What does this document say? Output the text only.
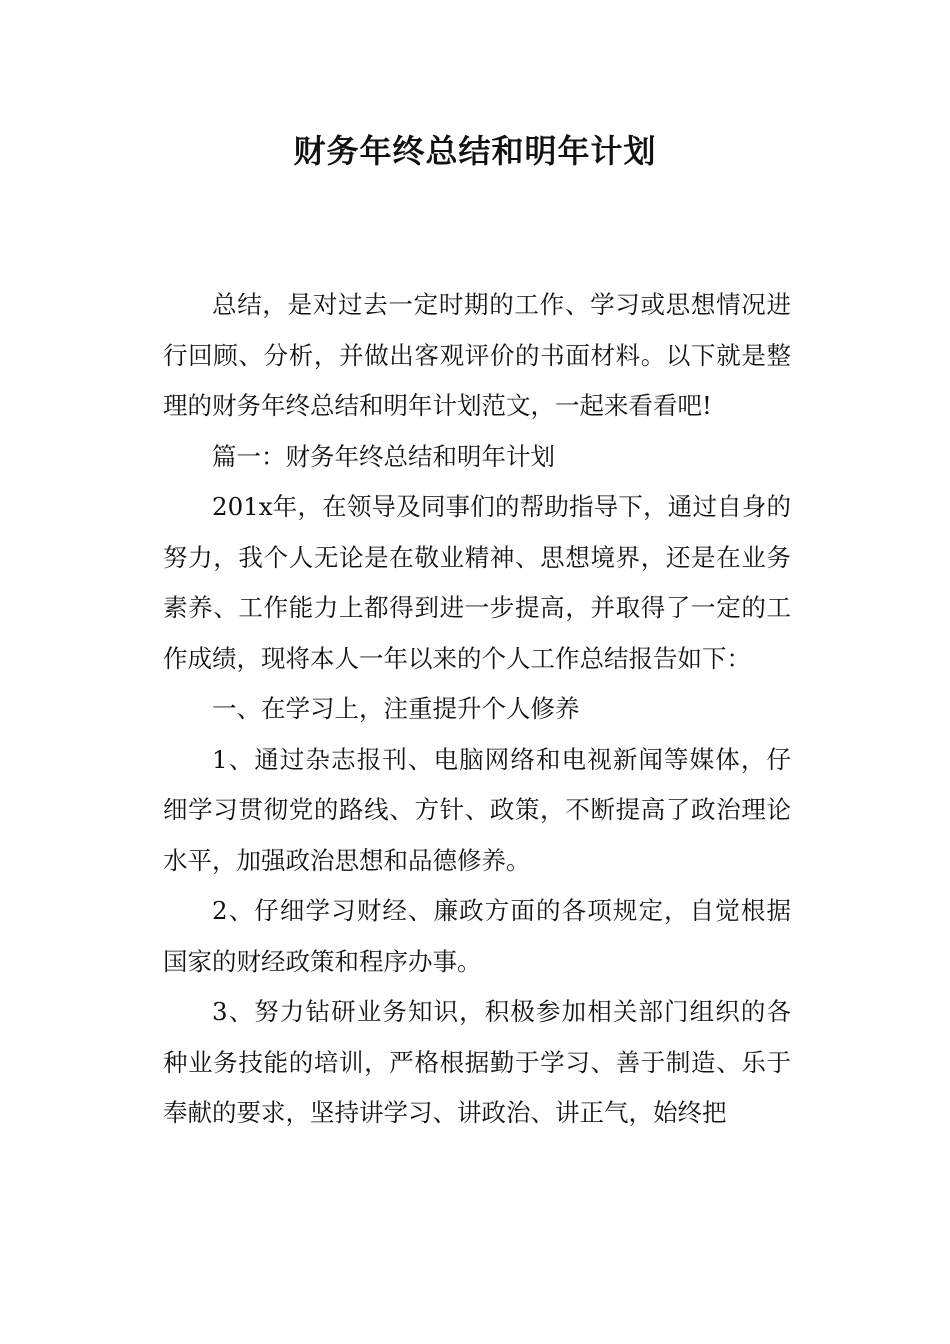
财务年终总结和明年计划

总结，是对过去一定时期的工作、学习或思想情况进行回顾、分析，并做出客观评价的书面材料。以下就是整理的财务年终总结和明年计划范文，一起来看看吧!

篇一：财务年终总结和明年计划

201x年，在领导及同事们的帮助指导下，通过自身的努力，我个人无论是在敬业精神、思想境界，还是在业务素养、工作能力上都得到进一步提高，并取得了一定的工作成绩，现将本人一年以来的个人工作总结报告如下：

一、在学习上，注重提升个人修养

1、通过杂志报刊、电脑网络和电视新闻等媒体，仔细学习贯彻党的路线、方针、政策，不断提高了政治理论水平，加强政治思想和品德修养。

2、仔细学习财经、廉政方面的各项规定，自觉根据国家的财经政策和程序办事。

3、努力钻研业务知识，积极参加相关部门组织的各种业务技能的培训，严格根据勤于学习、善于制造、乐于奉献的要求，坚持讲学习、讲政治、讲正气，始终把
